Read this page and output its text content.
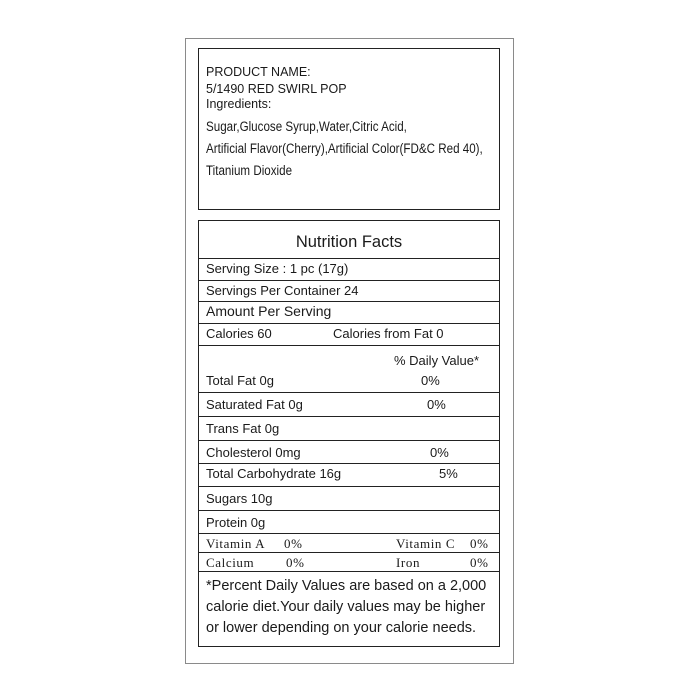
PRODUCT NAME:
5/1490 RED SWIRL POP
Ingredients:
Sugar,Glucose Syrup,Water,Citric Acid,
Artificial Flavor(Cherry),Artificial Color(FD&C Red 40),
Titanium Dioxide
Nutrition Facts
Serving Size : 1 pc (17g)
Servings Per Container 24
Amount Per Serving
Calories 60	Calories from Fat 0
% Daily Value*
Total Fat 0g	0%
Saturated Fat 0g	0%
Trans Fat 0g
Cholesterol 0mg	0%
Total Carbohydrate 16g	5%
Sugars 10g
Protein 0g
Vitamin A 0%	Vitamin C 0%
Calcium 0%	Iron	0%
*Percent Daily Values are based on a 2,000 calorie diet.Your daily values may be higher or lower depending on your calorie needs.
